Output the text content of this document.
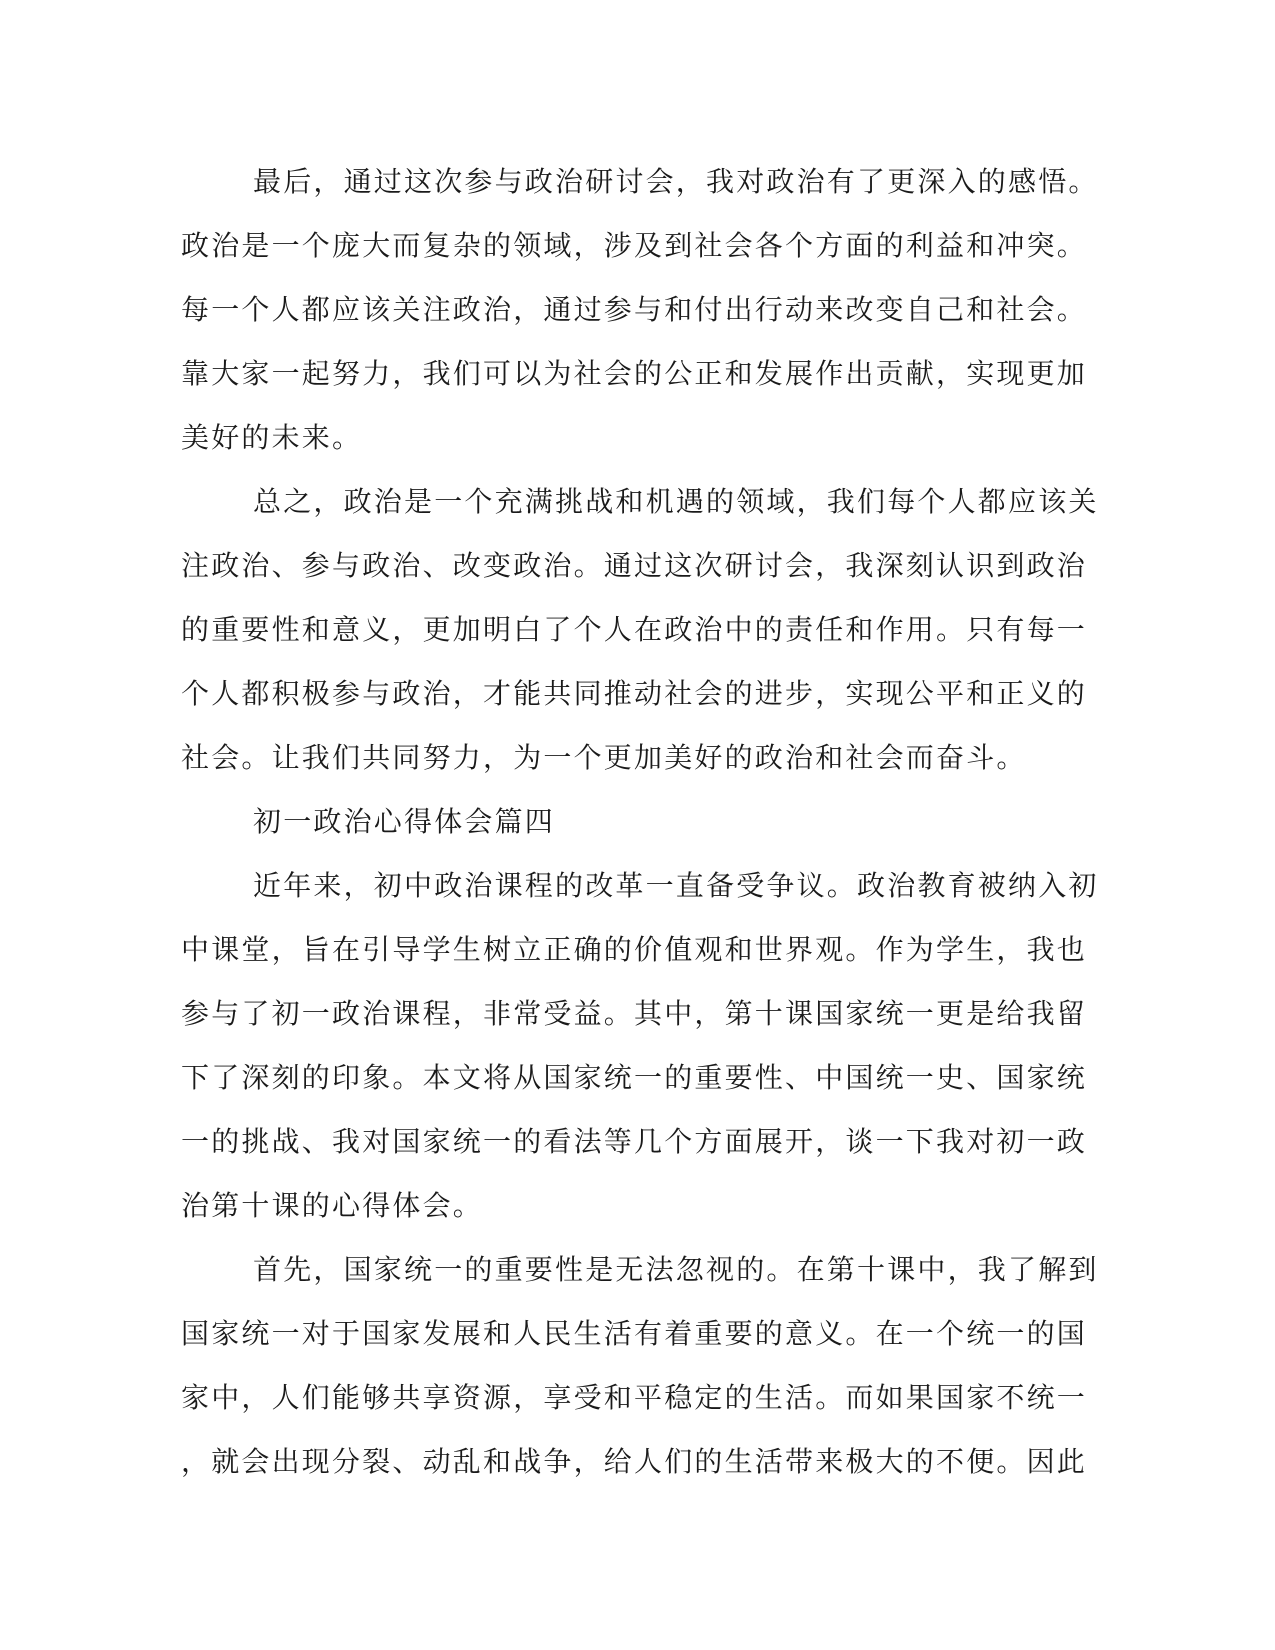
最后，通过这次参与政治研讨会，我对政治有了更深入的感悟。
政治是一个庞大而复杂的领域，涉及到社会各个方面的利益和冲突。
每一个人都应该关注政治，通过参与和付出行动来改变自己和社会。
靠大家一起努力，我们可以为社会的公正和发展作出贡献，实现更加
美好的未来。
总之，政治是一个充满挑战和机遇的领域，我们每个人都应该关
注政治、参与政治、改变政治。通过这次研讨会，我深刻认识到政治
的重要性和意义，更加明白了个人在政治中的责任和作用。只有每一
个人都积极参与政治，才能共同推动社会的进步，实现公平和正义的
社会。让我们共同努力，为一个更加美好的政治和社会而奋斗。
初一政治心得体会篇四
近年来，初中政治课程的改革一直备受争议。政治教育被纳入初
中课堂，旨在引导学生树立正确的价值观和世界观。作为学生，我也
参与了初一政治课程，非常受益。其中，第十课国家统一更是给我留
下了深刻的印象。本文将从国家统一的重要性、中国统一史、国家统
一的挑战、我对国家统一的看法等几个方面展开，谈一下我对初一政
治第十课的心得体会。
首先，国家统一的重要性是无法忽视的。在第十课中，我了解到
国家统一对于国家发展和人民生活有着重要的意义。在一个统一的国
家中，人们能够共享资源，享受和平稳定的生活。而如果国家不统一
，就会出现分裂、动乱和战争，给人们的生活带来极大的不便。因此
